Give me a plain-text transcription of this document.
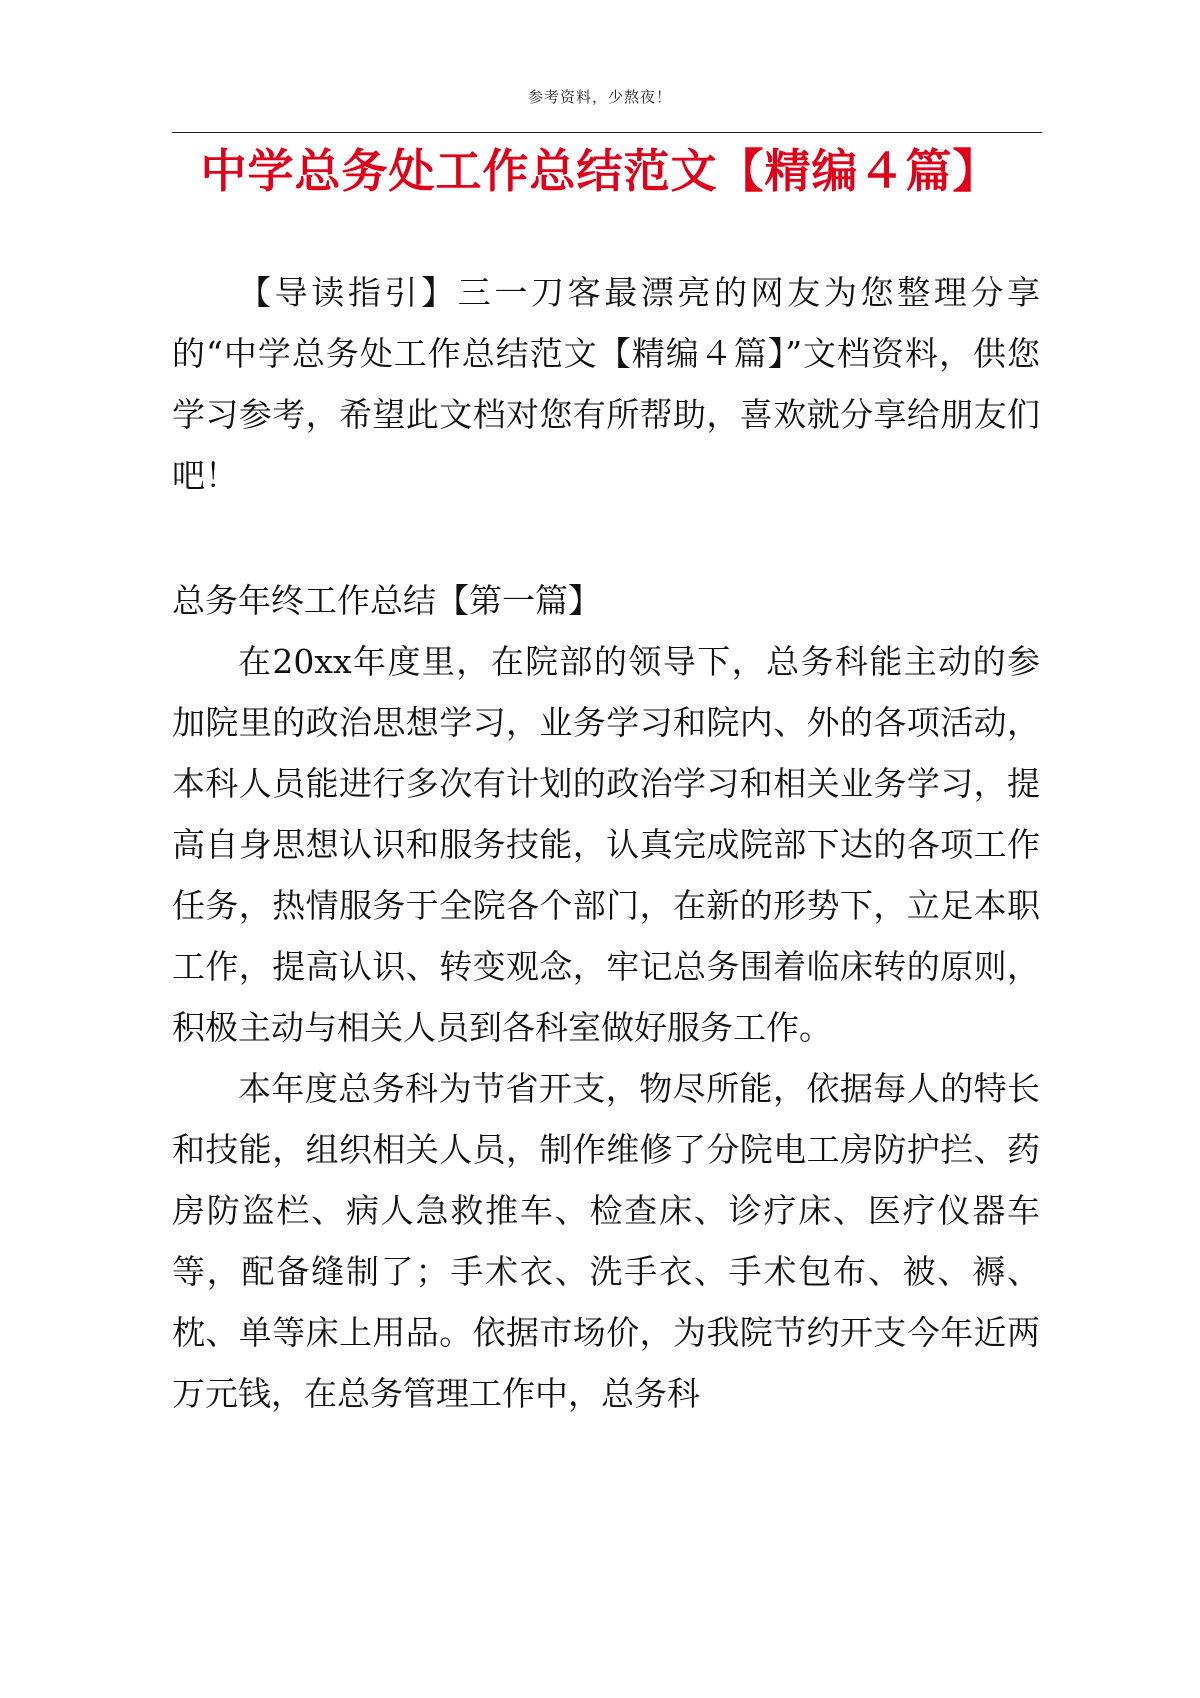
参考资料，少熬夜！
中学总务处工作总结范文【精编４篇】

【导读指引】三一刀客最漂亮的网友为您整理分享的“中学总务处工作总结范文【精编４篇】”文档资料，供您学习参考，希望此文档对您有所帮助，喜欢就分享给朋友们吧！

总务年终工作总结【第一篇】

在20xx年度里，在院部的领导下，总务科能主动的参加院里的政治思想学习，业务学习和院内、外的各项活动，本科人员能进行多次有计划的政治学习和相关业务学习，提高自身思想认识和服务技能，认真完成院部下达的各项工作任务，热情服务于全院各个部门，在新的形势下，立足本职工作，提高认识、转变观念，牢记总务围着临床转的原则，积极主动与相关人员到各科室做好服务工作。

本年度总务科为节省开支，物尽所能，依据每人的特长和技能，组织相关人员，制作维修了分院电工房防护拦、药房防盗栏、病人急救推车、检查床、诊疗床、医疗仪器车等，配备缝制了；手术衣、洗手衣、手术包布、被、褥、枕、单等床上用品。依据市场价，为我院节约开支今年近两万元钱，在总务管理工作中，总务科
